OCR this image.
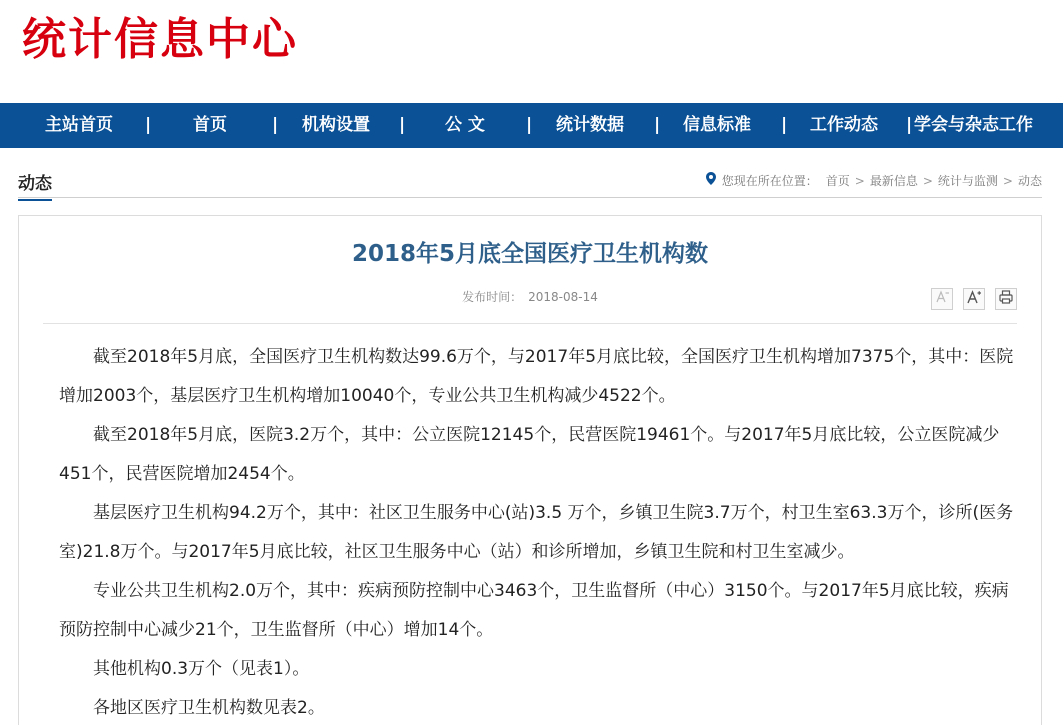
统计信息中心
主站首页 | 首页	| 机构设置 | 公 文 | 统计数据 | 信息标准 | 工作动态 | 学会与杂志工作
动态	您现在所在位置： 首页 > 最新信息 > 统计与监测 > 动态
2018年5月底全国医疗卫生机构数
发布时间： 2018-08-14

截至2018年5月底，全国医疗卫生机构数达99.6万个，与2017年5月底比较，全国医疗卫生机构增加7375个，其中：医院增加2003个，基层医疗卫生机构增加10040个，专业公共卫生机构减少4522个。

截至2018年5月底，医院3.2万个，其中：公立医院12145个，民营医院19461个。与2017年5月底比较，公立医院减少451个，民营医院增加2454个。

基层医疗卫生机构94.2万个，其中：社区卫生服务中心(站)3.5 万个，乡镇卫生院3.7万个，村卫生室63.3万个，诊所(医务室)21.8万个。与2017年5月底比较，社区卫生服务中心（站）和诊所增加，乡镇卫生院和村卫生室减少。

专业公共卫生机构2.0万个，其中：疾病预防控制中心3463个，卫生监督所（中心）3150个。与2017年5月底比较，疾病预防控制中心减少21个，卫生监督所（中心）增加14个。

其他机构0.3万个（见表1）。

各地区医疗卫生机构数见表2。
